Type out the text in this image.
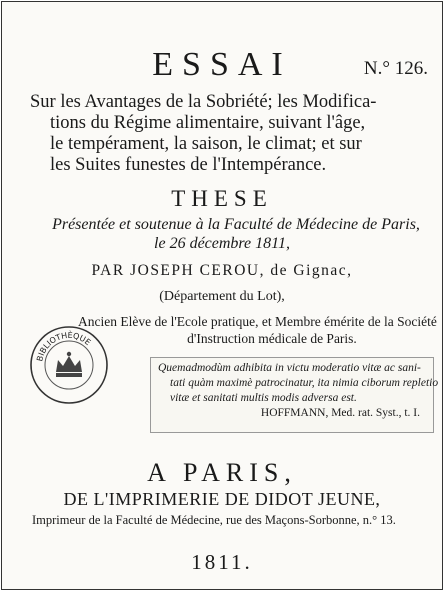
ESSAI	N.° 126.
Sur les Avantages de la Sobriété; les Modifica-
tions du Régime alimentaire, suivant l'âge,
le tempérament, la saison, le climat; et sur
les Suites funestes de l'Intempérance.
THESE
Présentée et soutenue à la Faculté de Médecine de Paris,
le 26 décembre 1811,
PAR JOSEPH CEROU, de Gignac,
(Département du Lot),
Ancien Elève de l'Ecole pratique, et Membre émérite de la Société
d'Instruction médicale de Paris.
Quemadmodùm adhibita in victu moderatio vitæ ac sani-
tati quàm maximè patrocinatur, ita nimia ciborum repletio
vitæ et sanitati multis modis adversa est.
HOFFMANN, Med. rat. Syst., t. I.
BIBLIOTHÈQUE
A PARIS,
DE L'IMPRIMERIE DE DIDOT JEUNE,
Imprimeur de la Faculté de Médecine, rue des Maçons-Sorbonne, n.° 13.
1811.
